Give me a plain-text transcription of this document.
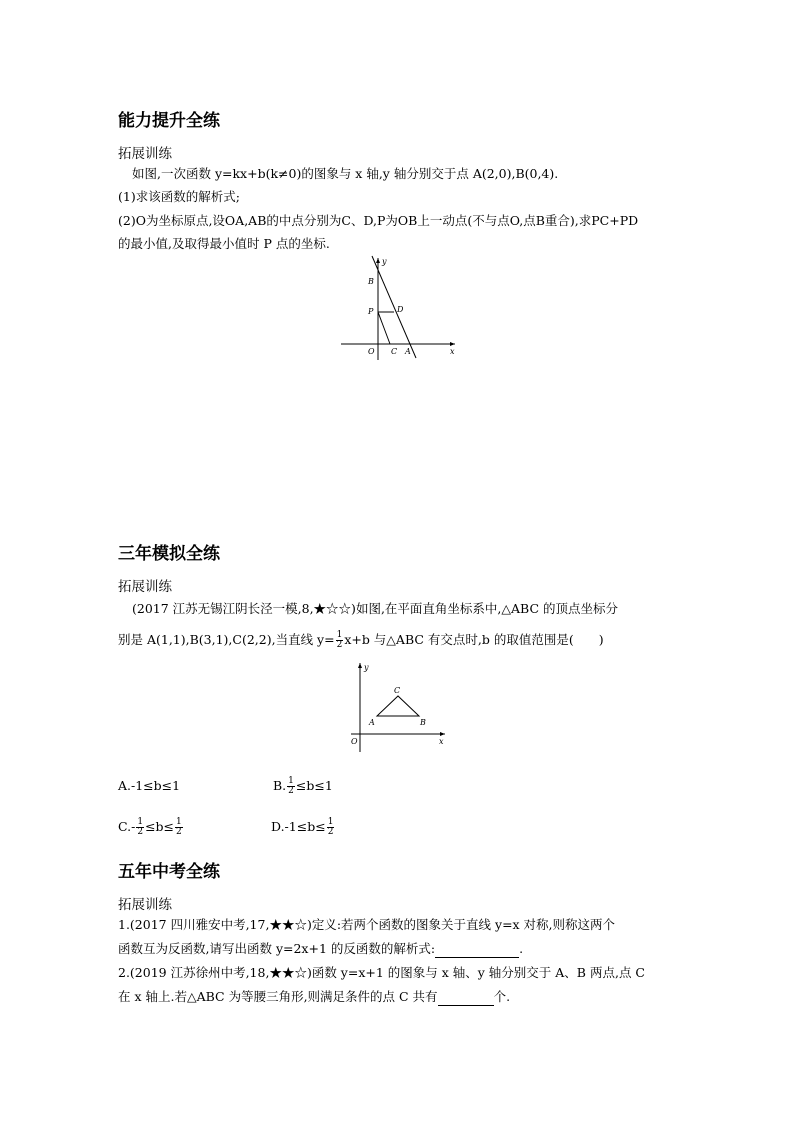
能力提升全练
拓展训练
如图,一次函数 y=kx+b(k≠0)的图象与 x 轴,y 轴分别交于点 A(2,0),B(0,4).
(1)求该函数的解析式;
(2)O为坐标原点,设OA,AB的中点分别为C、D,P为OB上一动点(不与点O,点B重合),求PC+PD
的最小值,及取得最小值时 P 点的坐标.
y
x
B
P	D
O C A
三年模拟全练
拓展训练
(2017 江苏无锡江阴长泾一模,8,★☆☆)如图,在平面直角坐标系中,△ABC 的顶点坐标分
别是 A(1,1),B(3,1),C(2,2),当直线 $y= \frac{1}{2} x+b$ 与△ABC 有交点时,b 的取值范围是(　　)
y
x
O
A	B
C
A.-1≤b≤1	B. $\frac{1}{2} \le b\le 1$
$C.- \frac{1}{2} \le b\le \frac{1}{2}$	$D.-1\le b\le \frac{1}{2}$
五年中考全练
拓展训练
1.(2017 四川雅安中考,17,★★☆)定义:若两个函数的图象关于直线 y=x 对称,则称这两个
函数互为反函数,请写出函数 y=2x+1 的反函数的解析式:	.
2.(2019 江苏徐州中考,18,★★☆)函数 y=x+1 的图象与 x 轴、y 轴分别交于 A、B 两点,点 C
在 x 轴上.若△ABC 为等腰三角形,则满足条件的点 C 共有	个.
